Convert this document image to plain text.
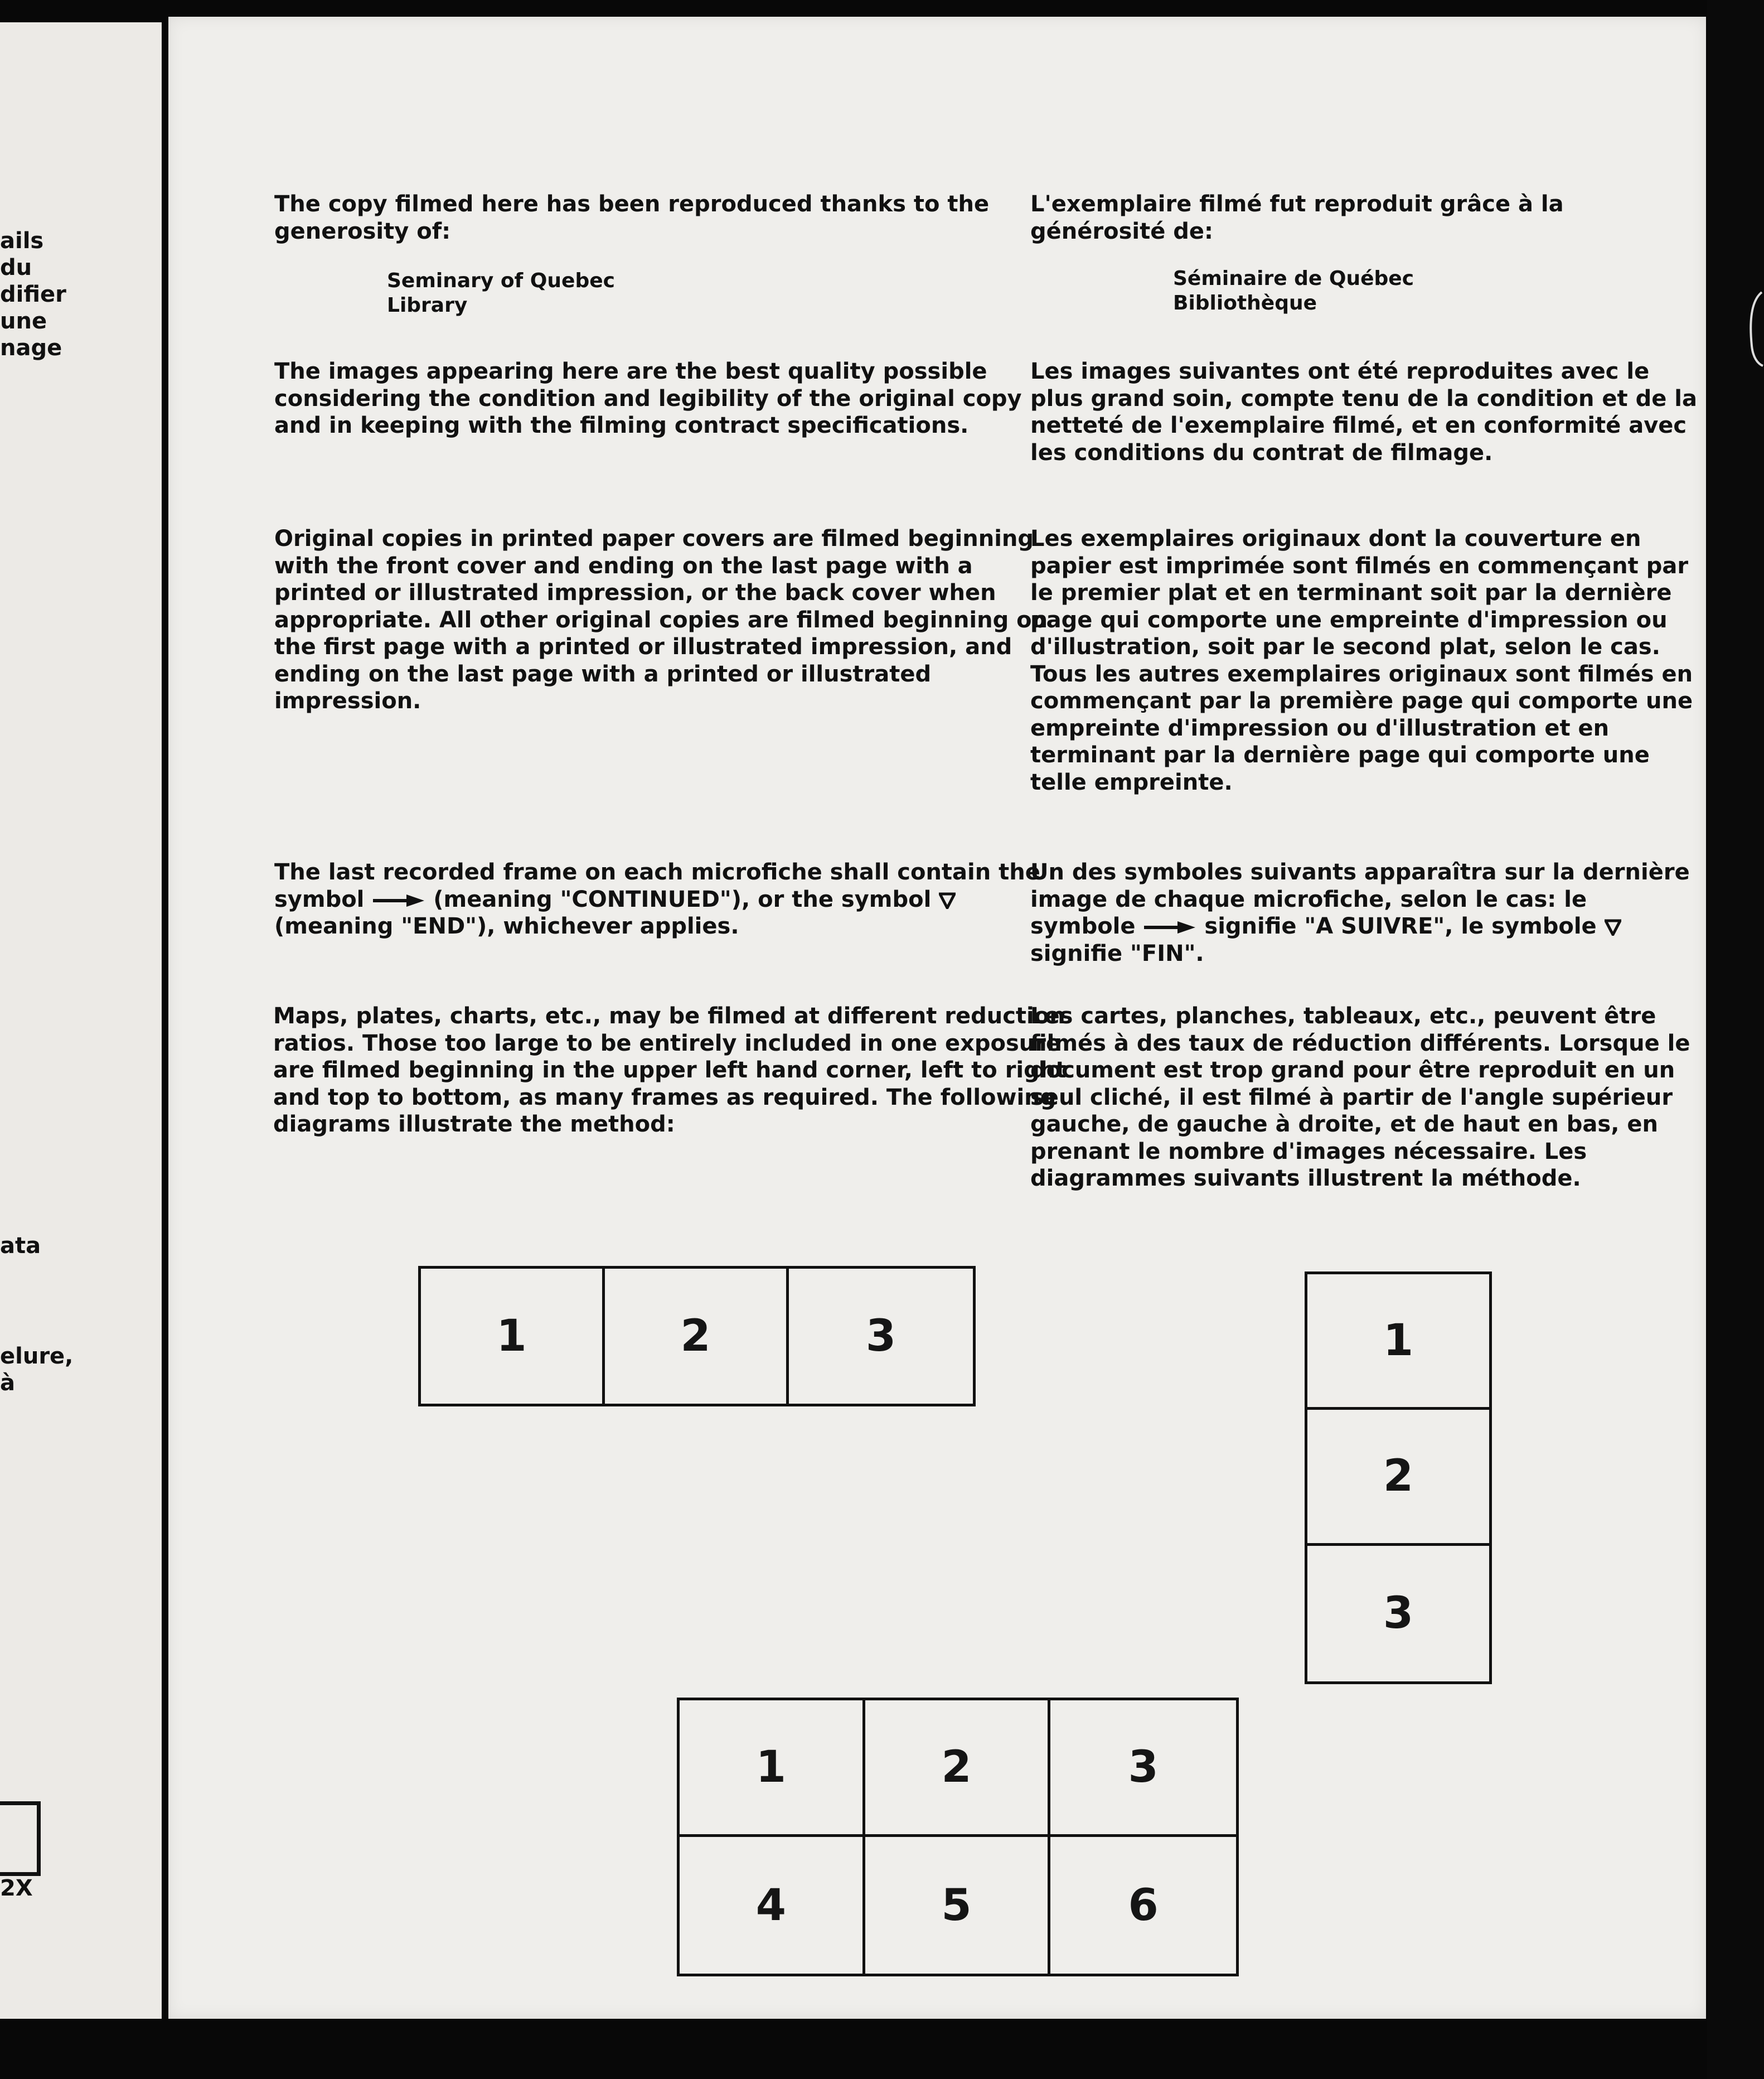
ails
du
difier
une
nage
ata
elure,
à
2X

The copy filmed here has been reproduced thanks to the generosity of:

Seminary of Quebec
Library

The images appearing here are the best quality possible considering the condition and legibility of the original copy and in keeping with the filming contract specifications.

Original copies in printed paper covers are filmed beginning with the front cover and ending on the last page with a printed or illustrated impression, or the back cover when appropriate. All other original copies are filmed beginning on the first page with a printed or illustrated impression, and ending on the last page with a printed or illustrated impression.

The last recorded frame on each microfiche shall contain the symbol	(meaning "CONTINUED"), or the symbol  (meaning "END"), whichever applies.

Maps, plates, charts, etc., may be filmed at different reduction ratios. Those too large to be entirely included in one exposure are filmed beginning in the upper left hand corner, left to right and top to bottom, as many frames as required. The following diagrams illustrate the method:

L'exemplaire filmé fut reproduit grâce à la générosité de:

Séminaire de Québec
Bibliothèque

Les images suivantes ont été reproduites avec le plus grand soin, compte tenu de la condition et de la netteté de l'exemplaire filmé, et en conformité avec les conditions du contrat de filmage.

Les exemplaires originaux dont la couverture en papier est imprimée sont filmés en commençant par le premier plat et en terminant soit par la dernière page qui comporte une empreinte d'impression ou d'illustration, soit par le second plat, selon le cas. Tous les autres exemplaires originaux sont filmés en commençant par la première page qui comporte une empreinte d'impression ou d'illustration et en terminant par la dernière page qui comporte une telle empreinte.

Un des symboles suivants apparaîtra sur la dernière image de chaque microfiche, selon le cas: le symbole	signifie "A SUIVRE", le symbole  signifie "FIN".

Les cartes, planches, tableaux, etc., peuvent être filmés à des taux de réduction différents. Lorsque le document est trop grand pour être reproduit en un seul cliché, il est filmé à partir de l'angle supérieur gauche, de gauche à droite, et de haut en bas, en prenant le nombre d'images nécessaire. Les diagrammes suivants illustrent la méthode.

1	2	3	1
2
3
1	2	3
4	5	6
